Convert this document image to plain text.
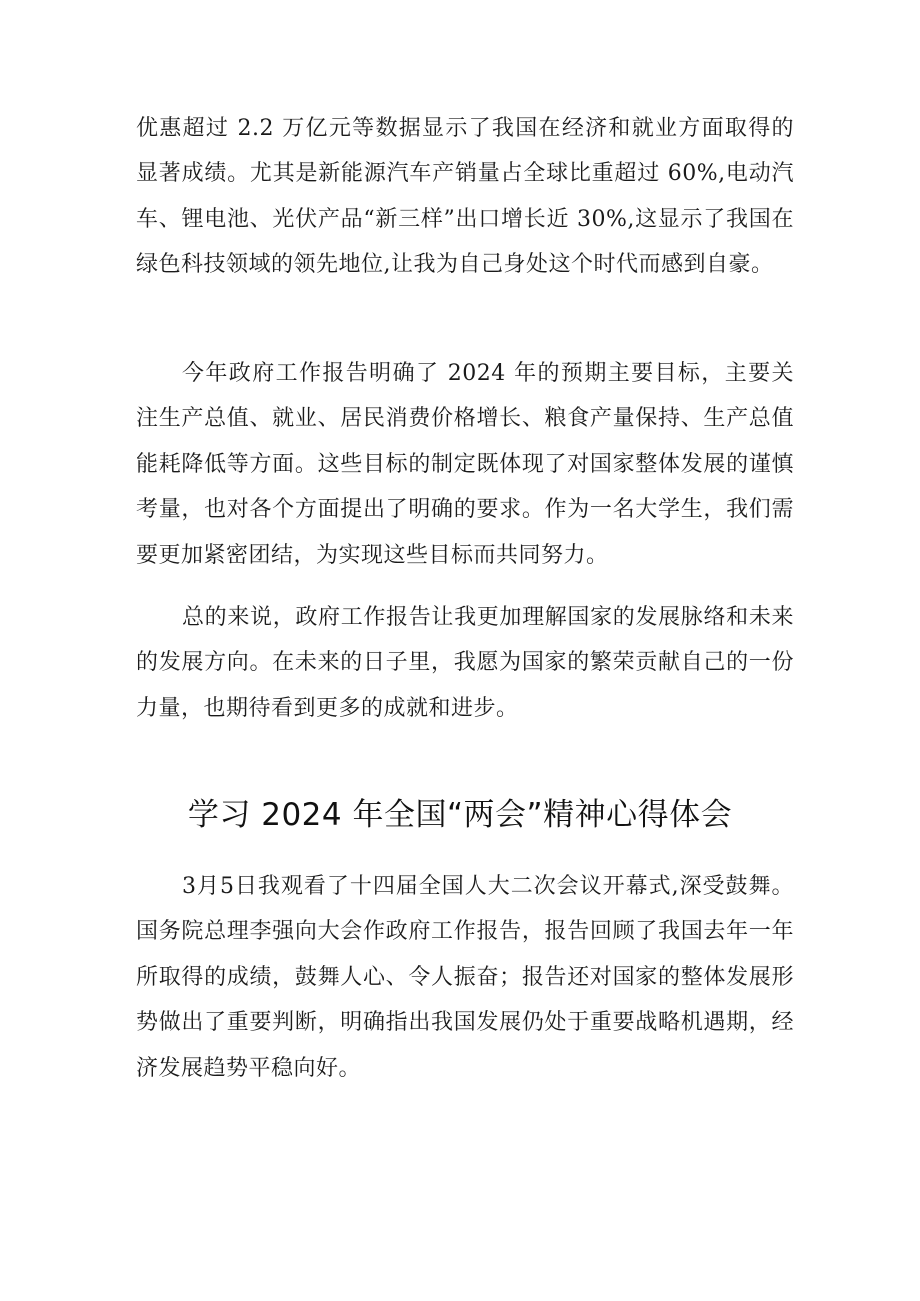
优惠超过 2.2 万亿元等数据显示了我国在经济和就业方面取得的显著成绩。尤其是新能源汽车产销量占全球比重超过 60%,电动汽车、锂电池、光伏产品“新三样”出口增长近 30%,这显示了我国在绿色科技领域的领先地位,让我为自己身处这个时代而感到自豪。

今年政府工作报告明确了 2024 年的预期主要目标，主要关注生产总值、就业、居民消费价格增长、粮食产量保持、生产总值能耗降低等方面。这些目标的制定既体现了对国家整体发展的谨慎考量，也对各个方面提出了明确的要求。作为一名大学生，我们需要更加紧密团结，为实现这些目标而共同努力。

总的来说，政府工作报告让我更加理解国家的发展脉络和未来的发展方向。在未来的日子里，我愿为国家的繁荣贡献自己的一份力量，也期待看到更多的成就和进步。

学习 2024 年全国“两会”精神心得体会

3月5日我观看了十四届全国人大二次会议开幕式,深受鼓舞。国务院总理李强向大会作政府工作报告，报告回顾了我国去年一年所取得的成绩，鼓舞人心、令人振奋；报告还对国家的整体发展形势做出了重要判断，明确指出我国发展仍处于重要战略机遇期，经济发展趋势平稳向好。
